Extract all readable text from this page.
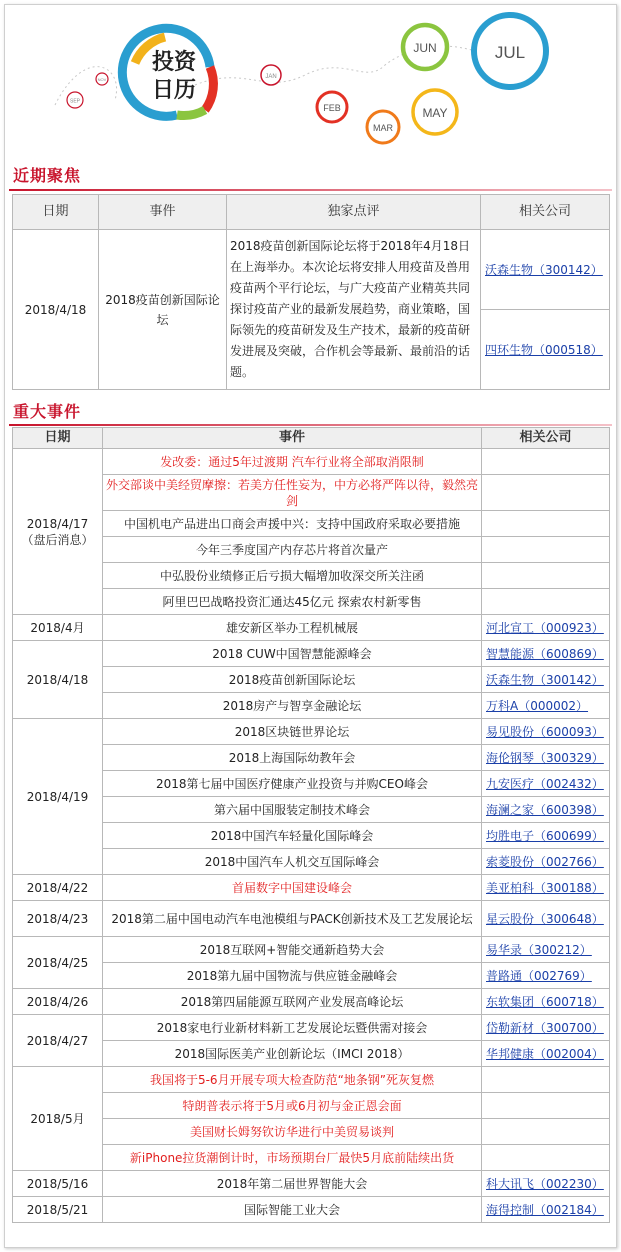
SEP
NOV
投资
日历
JAN
FEB
MAR
MAY
JUN	JUL
近期聚焦
日期	事件	独家点评	相关公司
2018/4/18	2018疫苗创新国际论坛	2018疫苗创新国际论坛将于2018年4月18日在上海举办。本次论坛将安排人用疫苗及兽用疫苗两个平行论坛，与广大疫苗产业精英共同探讨疫苗产业的最新发展趋势，商业策略，国际领先的疫苗研发及生产技术，最新的疫苗研发进展及突破，合作机会等最新、最前沿的话题。	沃森生物（300142）
			四环生物（000518）
重大事件
日期	事件	相关公司

2018/4/17
（盘后消息）	发改委：通过5年过渡期 汽车行业将全部取消限制	
	外交部谈中美经贸摩擦：若美方任性妄为，中方必将严阵以待，毅然亮剑	
	中国机电产品进出口商会声援中兴：支持中国政府采取必要措施	
	今年三季度国产内存芯片将首次量产	
	中弘股份业绩修正后亏损大幅增加收深交所关注函	
	阿里巴巴战略投资汇通达45亿元 探索农村新零售	

2018/4月	雄安新区举办工程机械展	河北宣工（000923）

2018/4/18	2018 CUW中国智慧能源峰会	智慧能源（600869）
	2018疫苗创新国际论坛	沃森生物（300142）
	2018房产与智享金融论坛	万科A（000002）

2018/4/19	2018区块链世界论坛	易见股份（600093）
	2018上海国际幼教年会	海伦钢琴（300329）
	2018第七届中国医疗健康产业投资与并购CEO峰会	九安医疗（002432）
	第六届中国服装定制技术峰会	海澜之家（600398）
	2018中国汽车轻量化国际峰会	均胜电子（600699）
	2018中国汽车人机交互国际峰会	索菱股份（002766）

2018/4/22	首届数字中国建设峰会	美亚柏科（300188）

2018/4/23	2018第二届中国电动汽车电池模组与PACK创新技术及工艺发展论坛	星云股份（300648）

2018/4/25	2018互联网+智能交通新趋势大会	易华录（300212）
	2018第九届中国物流与供应链金融峰会	普路通（002769）

2018/4/26	2018第四届能源互联网产业发展高峰论坛	东软集团（600718）

2018/4/27	2018家电行业新材料新工艺发展论坛暨供需对接会	岱勒新材（300700）
	2018国际医美产业创新论坛（IMCI 2018）	华邦健康（002004）

2018/5月	我国将于5-6月开展专项大检查防范“地条钢”死灰复燃	
	特朗普表示将于5月或6月初与金正恩会面	
	美国财长姆努钦访华进行中美贸易谈判	
	新iPhone拉货潮倒计时，市场预期台厂最快5月底前陆续出货	

2018/5/16	2018年第二届世界智能大会	科大讯飞（002230）

2018/5/21	国际智能工业大会	海得控制（002184）
